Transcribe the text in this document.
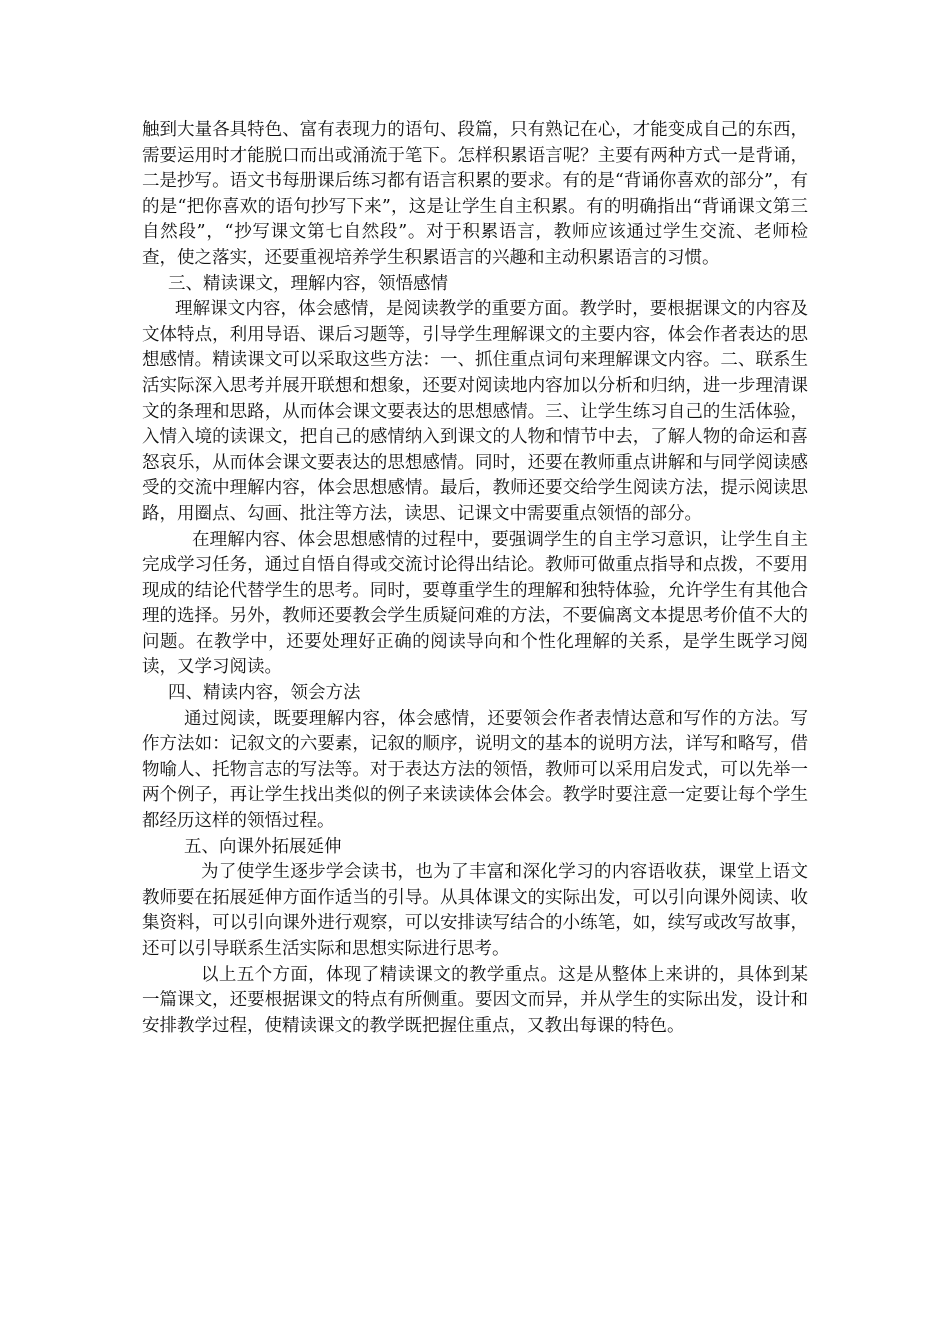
触到大量各具特色、富有表现力的语句、段篇，只有熟记在心，才能变成自己的东西，需要运用时才能脱口而出或涌流于笔下。怎样积累语言呢？主要有两种方式一是背诵，二是抄写。语文书每册课后练习都有语言积累的要求。有的是“背诵你喜欢的部分”，有的是“把你喜欢的语句抄写下来”，这是让学生自主积累。有的明确指出“背诵课文第三自然段”，“抄写课文第七自然段”。对于积累语言，教师应该通过学生交流、老师检查，使之落实，还要重视培养学生积累语言的兴趣和主动积累语言的习惯。

三、精读课文，理解内容，领悟感情

理解课文内容，体会感情，是阅读教学的重要方面。教学时，要根据课文的内容及文体特点，利用导语、课后习题等，引导学生理解课文的主要内容，体会作者表达的思想感情。精读课文可以采取这些方法：一、抓住重点词句来理解课文内容。二、联系生活实际深入思考并展开联想和想象，还要对阅读地内容加以分析和归纳，进一步理清课文的条理和思路，从而体会课文要表达的思想感情。三、让学生练习自己的生活体验，入情入境的读课文，把自己的感情纳入到课文的人物和情节中去，了解人物的命运和喜怒哀乐，从而体会课文要表达的思想感情。同时，还要在教师重点讲解和与同学阅读感受的交流中理解内容，体会思想感情。最后，教师还要交给学生阅读方法，提示阅读思路，用圈点、勾画、批注等方法，读思、记课文中需要重点领悟的部分。

在理解内容、体会思想感情的过程中，要强调学生的自主学习意识，让学生自主完成学习任务，通过自悟自得或交流讨论得出结论。教师可做重点指导和点拨，不要用现成的结论代替学生的思考。同时，要尊重学生的理解和独特体验，允许学生有其他合理的选择。另外，教师还要教会学生质疑问难的方法，不要偏离文本提思考价值不大的问题。在教学中，还要处理好正确的阅读导向和个性化理解的关系，是学生既学习阅读，又学习阅读。

四、精读内容，领会方法

通过阅读，既要理解内容，体会感情，还要领会作者表情达意和写作的方法。写作方法如：记叙文的六要素，记叙的顺序，说明文的基本的说明方法，详写和略写，借物喻人、托物言志的写法等。对于表达方法的领悟，教师可以采用启发式，可以先举一两个例子，再让学生找出类似的例子来读读体会体会。教学时要注意一定要让每个学生都经历这样的领悟过程。

五、向课外拓展延伸

为了使学生逐步学会读书，也为了丰富和深化学习的内容语收获，课堂上语文教师要在拓展延伸方面作适当的引导。从具体课文的实际出发，可以引向课外阅读、收集资料，可以引向课外进行观察，可以安排读写结合的小练笔，如，续写或改写故事，还可以引导联系生活实际和思想实际进行思考。

以上五个方面，体现了精读课文的教学重点。这是从整体上来讲的，具体到某一篇课文，还要根据课文的特点有所侧重。要因文而异，并从学生的实际出发，设计和安排教学过程，使精读课文的教学既把握住重点，又教出每课的特色。
